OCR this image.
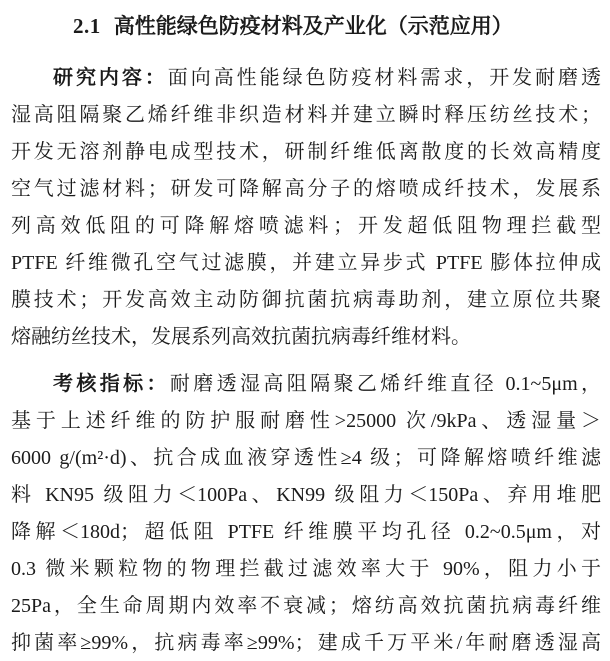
2.1 高性能绿色防疫材料及产业化（示范应用）
研究内容：面向高性能绿色防疫材料需求，开发耐磨透
湿高阻隔聚乙烯纤维非织造材料并建立瞬时释压纺丝技术；
开发无溶剂静电成型技术，研制纤维低离散度的长效高精度
空气过滤材料；研发可降解高分子的熔喷成纤技术，发展系
列高效低阻的可降解熔喷滤料；开发超低阻物理拦截型
PTFE 纤维微孔空气过滤膜，并建立异步式 PTFE 膨体拉伸成
膜技术；开发高效主动防御抗菌抗病毒助剂，建立原位共聚
熔融纺丝技术，发展系列高效抗菌抗病毒纤维材料。
考核指标：耐磨透湿高阻隔聚乙烯纤维直径 0.1~5μm，
基于上述纤维的防护服耐磨性>25000 次/9kPa、透湿量＞
6000 g/(m²·d)、抗合成血液穿透性≥4 级；可降解熔喷纤维滤
料 KN95 级阻力＜100Pa、KN99 级阻力＜150Pa、弃用堆肥
降解＜180d；超低阻 PTFE 纤维膜平均孔径 0.2~0.5μm，对
0.3 微米颗粒物的物理拦截过滤效率大于 90%，阻力小于
25Pa，全生命周期内效率不衰减；熔纺高效抗菌抗病毒纤维
抑菌率≥99%，抗病毒率≥99%；建成千万平米/年耐磨透湿高
